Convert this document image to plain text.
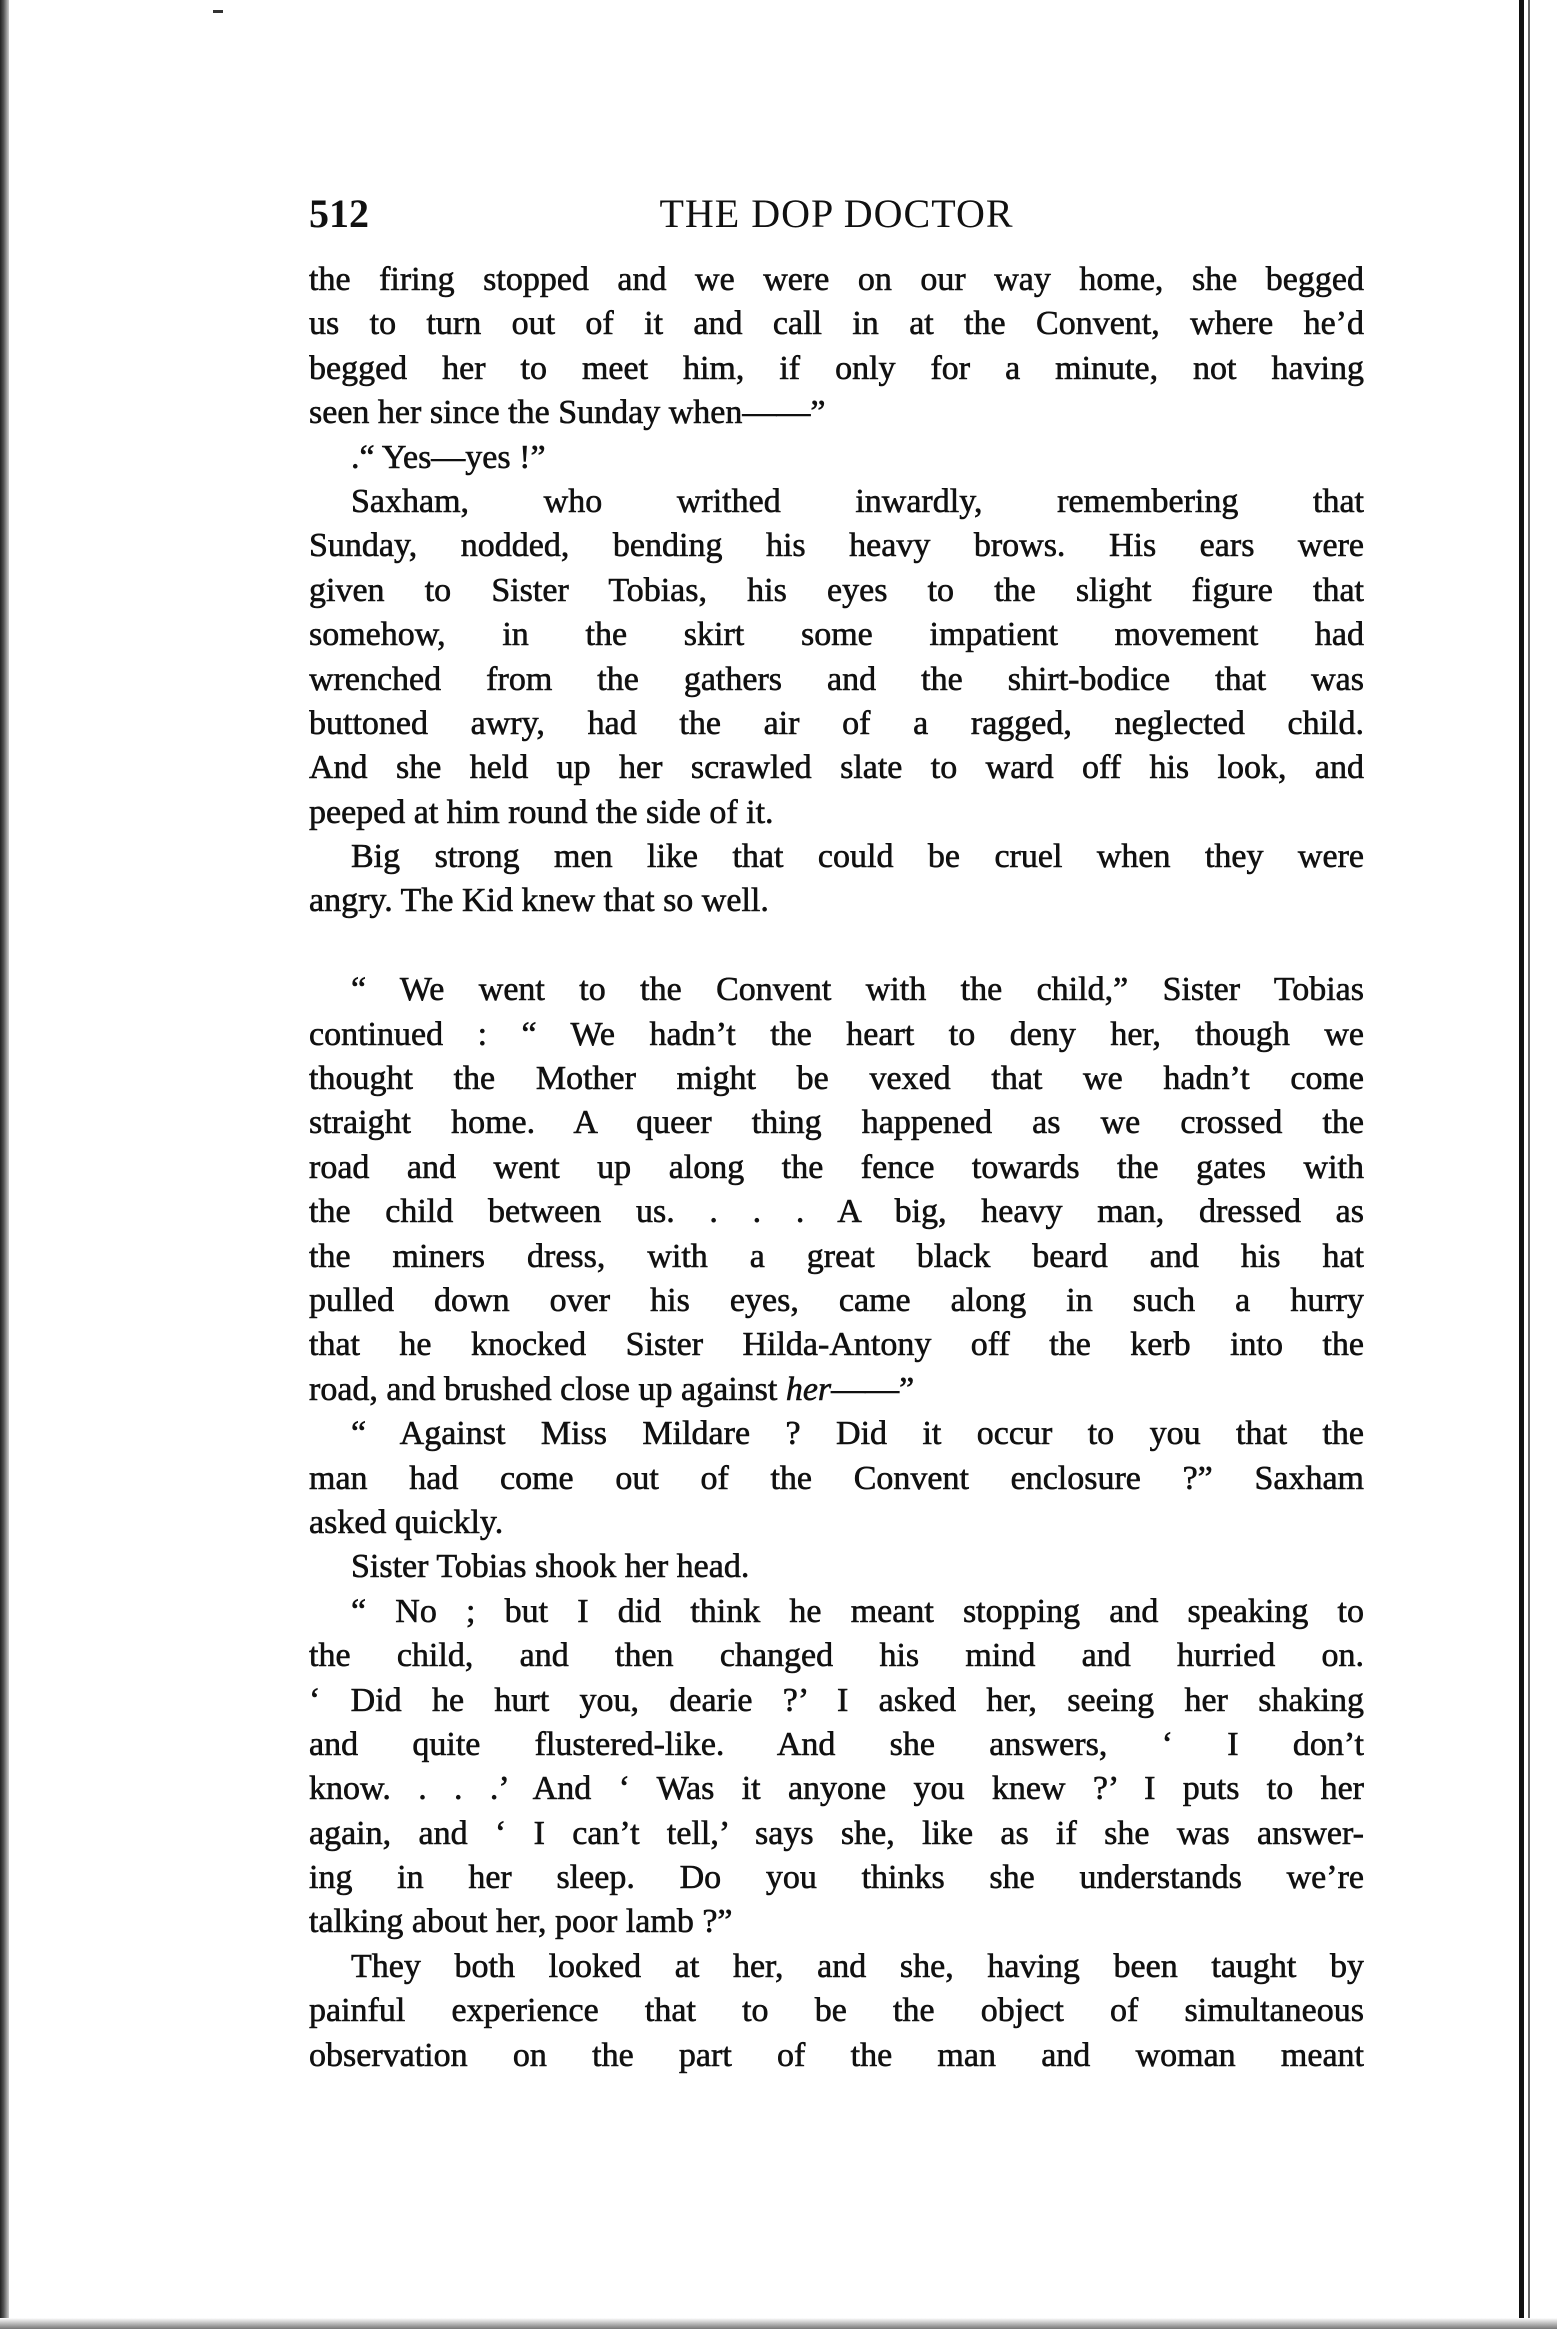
512	THE DOP DOCTOR
the firing stopped and we were on our way home, she begged
us to turn out of it and call in at the Convent, where he’d
begged her to meet him, if only for a minute, not having
seen her since the Sunday when——”
.“ Yes—yes !”
Saxham, who writhed inwardly, remembering that
Sunday, nodded, bending his heavy brows. His ears were
given to Sister Tobias, his eyes to the slight figure that
somehow, in the skirt some impatient movement had
wrenched from the gathers and the shirt-bodice that was
buttoned awry, had the air of a ragged, neglected child.
And she held up her scrawled slate to ward off his look, and
peeped at him round the side of it.
Big strong men like that could be cruel when they were
angry. The Kid knew that so well.

“ We went to the Convent with the child,” Sister Tobias
continued : “ We hadn’t the heart to deny her, though we
thought the Mother might be vexed that we hadn’t come
straight home. A queer thing happened as we crossed the
road and went up along the fence towards the gates with
the child between us. . . . A big, heavy man, dressed as
the miners dress, with a great black beard and his hat
pulled down over his eyes, came along in such a hurry
that he knocked Sister Hilda-Antony off the kerb into the
road, and brushed close up against her——”
“ Against Miss Mildare ? Did it occur to you that the
man had come out of the Convent enclosure ?” Saxham
asked quickly.
Sister Tobias shook her head.
“ No ; but I did think he meant stopping and speaking to
the child, and then changed his mind and hurried on.
‘ Did he hurt you, dearie ?’ I asked her, seeing her shaking
and quite flustered-like. And she answers, ‘ I don’t
know. . . .’ And ‘ Was it anyone you knew ?’ I puts to her
again, and ‘ I can’t tell,’ says she, like as if she was answer-
ing in her sleep. Do you thinks she understands we’re
talking about her, poor lamb ?”
They both looked at her, and she, having been taught by
painful experience that to be the object of simultaneous
observation on the part of the man and woman meant
